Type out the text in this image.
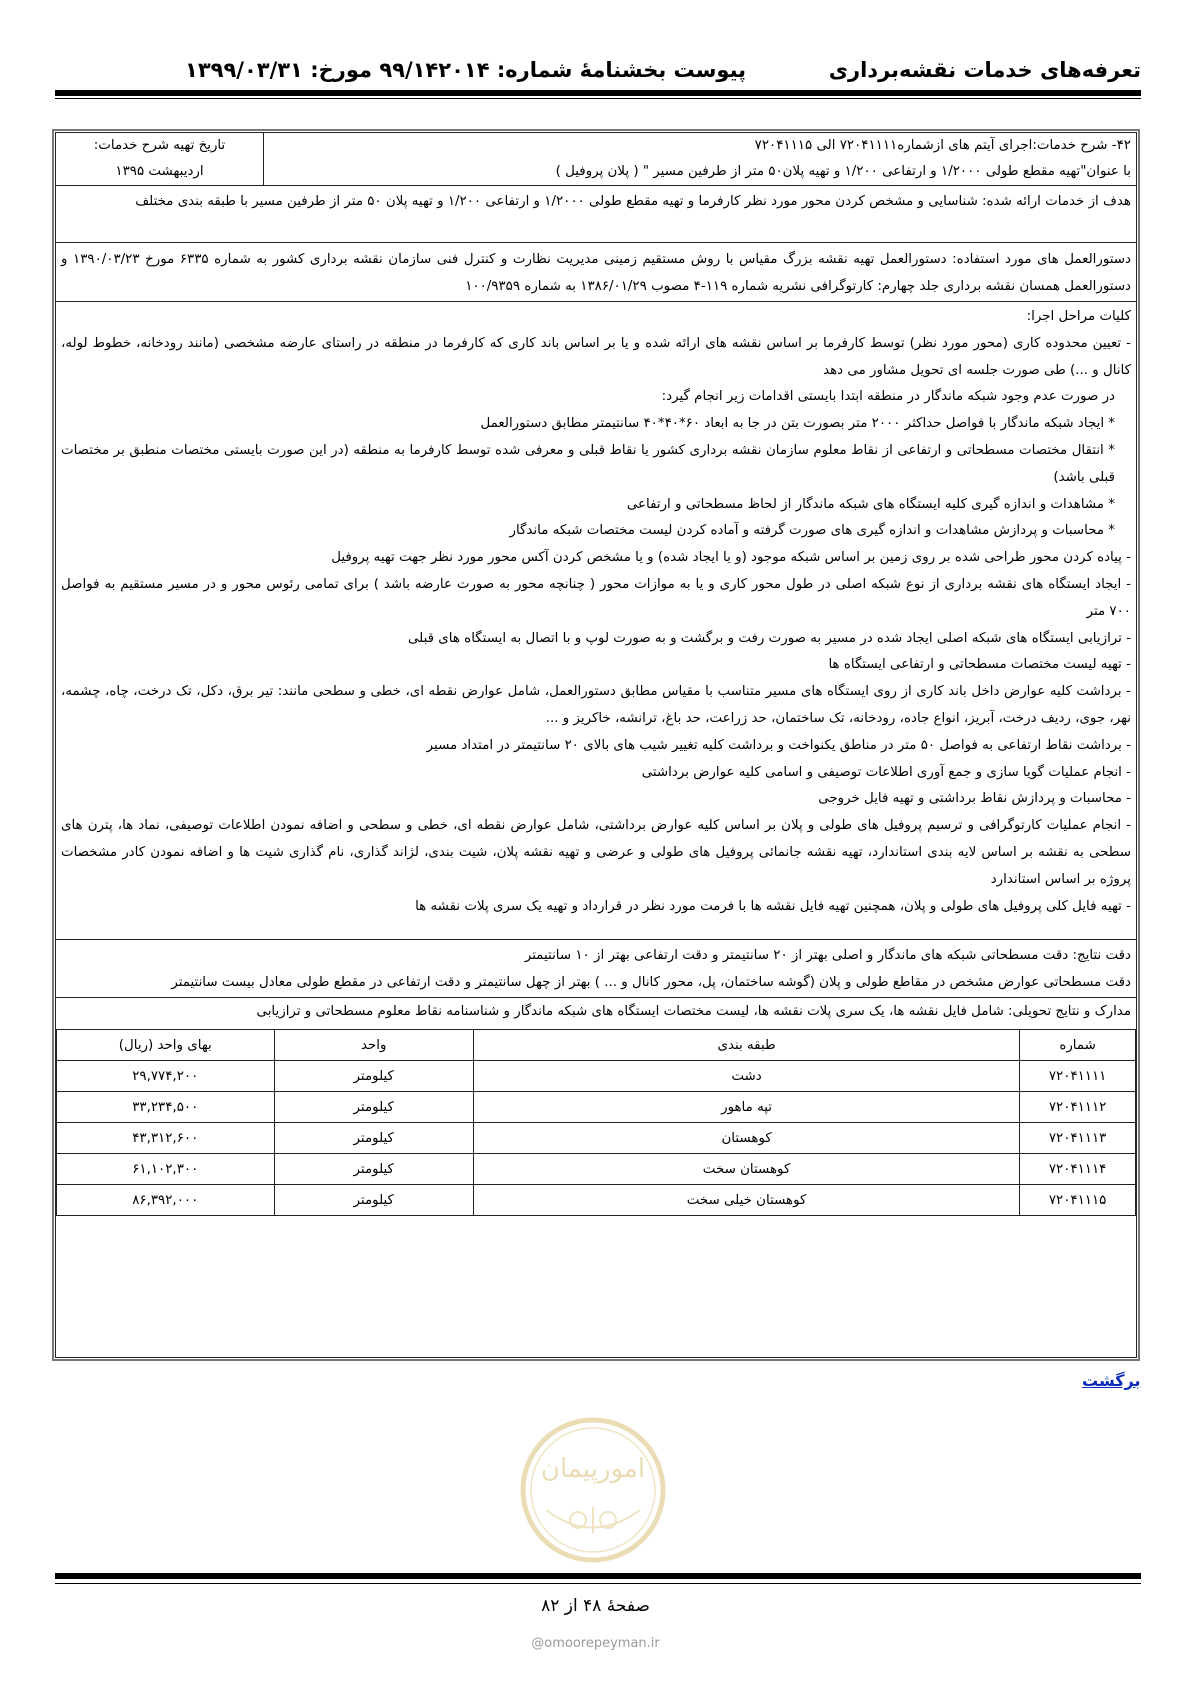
تعرفه‌های خدمات نقشه‌برداری
پیوست بخشنامهٔ شماره: ۹۹/۱۴۲۰۱۴ مورخ: ۱۳۹۹/۰۳/۳۱
۴۲- شرح خدمات:اجرای آیتم های ازشماره۷۲۰۴۱۱۱۱ الی ۷۲۰۴۱۱۱۵
با عنوان"تهیه مقطع طولی ۱/۲۰۰۰ و ارتفاعی ۱/۲۰۰ و تهیه پلان۵۰ متر از طرفین مسیر " ( پلان پروفیل )
تاریخ تهیه شرح خدمات:
اردیبهشت ۱۳۹۵
هدف از خدمات ارائه شده: شناسایی و مشخص کردن محور مورد نظر کارفرما و تهیه مقطع طولی ۱/۲۰۰۰ و ارتفاعی ۱/۲۰۰ و تهیه پلان ۵۰ متر از طرفین مسیر با طبقه بندی مختلف
دستورالعمل های مورد استفاده: دستورالعمل تهیه نقشه بزرگ مقیاس با روش مستقیم زمینی مدیریت نظارت و کنترل فنی سازمان نقشه برداری کشور به شماره ۶۳۳۵ مورخ ۱۳۹۰/۰۳/۲۳ و دستورالعمل همسان نقشه برداری جلد چهارم: کارتوگرافی نشریه شماره ۱۱۹-۴ مصوب ۱۳۸۶/۰۱/۲۹ به شماره ۱۰۰/۹۳۵۹
کلیات مراحل اجرا:
- تعیین محدوده کاری (محور مورد نظر) توسط کارفرما بر اساس نقشه های ارائه شده و یا بر اساس باند کاری که کارفرما در منطقه در راستای عارضه مشخصی (مانند رودخانه، خطوط لوله، کانال و ...) طی صورت جلسه ای تحویل مشاور می دهد
در صورت عدم وجود شبکه ماندگار در منطقه ابتدا بایستی اقدامات زیر انجام گیرد:
* ایجاد شبکه ماندگار با فواصل حداکثر ۲۰۰۰ متر بصورت بتن در جا به ابعاد ۶۰*۴۰*۴۰ سانتیمتر مطابق دستورالعمل
* انتقال مختصات مسطحاتی و ارتفاعی از نقاط معلوم سازمان نقشه برداری کشور یا نقاط قبلی و معرفی شده توسط کارفرما به منطقه (در این صورت بایستی مختصات منطبق بر مختصات قبلی باشد)
* مشاهدات و اندازه گیری کلیه ایستگاه های شبکه ماندگار از لحاظ مسطحاتی و ارتفاعی
* محاسبات و پردازش مشاهدات و اندازه گیری های صورت گرفته و آماده کردن لیست مختصات شبکه ماندگار
- پیاده کردن محور طراحی شده بر روی زمین بر اساس شبکه موجود (و یا ایجاد شده) و یا مشخص کردن آکس محور مورد نظر جهت تهیه پروفیل
- ایجاد ایستگاه های نقشه برداری از نوع شبکه اصلی در طول محور کاری و یا به موازات محور ( چنانچه محور به صورت عارضه باشد ) برای تمامی رئوس محور و در مسیر مستقیم به فواصل ۷۰۰ متر
- ترازیابی ایستگاه های شبکه اصلی ایجاد شده در مسیر به صورت رفت و برگشت و به صورت لوپ و با اتصال به ایستگاه های قبلی
- تهیه لیست مختصات مسطحاتی و ارتفاعی ایستگاه ها
- برداشت کلیه عوارض داخل باند کاری از روی ایستگاه های مسیر متناسب با مقیاس مطابق دستورالعمل، شامل عوارض نقطه ای، خطی و سطحی مانند: تیر برق، دکل، تک درخت، چاه، چشمه، نهر، جوی، ردیف درخت، آبریز، انواع جاده، رودخانه، تک ساختمان، حد زراعت، حد باغ، ترانشه، خاکریز و ...
- برداشت نقاط ارتفاعی به فواصل ۵۰ متر در مناطق یکنواخت و برداشت کلیه تغییر شیب های بالای ۲۰ سانتیمتر در امتداد مسیر
- انجام عملیات گویا سازی و جمع آوری اطلاعات توصیفی و اسامی کلیه عوارض برداشتی
- محاسبات و پردازش نقاط برداشتی و تهیه فایل خروجی
- انجام عملیات کارتوگرافی و ترسیم پروفیل های طولی و پلان بر اساس کلیه عوارض برداشتی، شامل عوارض نقطه ای، خطی و سطحی و اضافه نمودن اطلاعات توصیفی، نماد ها، پترن های سطحی به نقشه بر اساس لایه بندی استاندارد، تهیه نقشه جانمائی پروفیل های طولی و عرضی و تهیه نقشه پلان، شیت بندی، لژاند گذاری، نام گذاری شیت ها و اضافه نمودن کادر مشخصات پروژه بر اساس استاندارد
- تهیه فایل کلی پروفیل های طولی و پلان، همچنین تهیه فایل نقشه ها با فرمت مورد نظر در قرارداد و تهیه یک سری پلات نقشه ها
دقت نتایج: دقت مسطحاتی شبکه های ماندگار و اصلی بهتر از ۲۰ سانتیمتر و دقت ارتفاعی بهتر از ۱۰ سانتیمتر
دقت مسطحاتی عوارض مشخص در مقاطع طولی و پلان (گوشه ساختمان، پل، محور کانال و ... ) بهتر از چهل سانتیمتر و دقت ارتفاعی در مقطع طولی معادل بیست سانتیمتر
مدارک و نتایج تحویلی: شامل فایل نقشه ها، یک سری پلات نقشه ها، لیست مختصات ایستگاه های شبکه ماندگار و شناسنامه نقاط معلوم مسطحاتی و ترازیابی
شماره	طبقه بندی	واحد	بهای واحد (ریال)
۷۲۰۴۱۱۱۱	دشت	کیلومتر	۲۹,۷۷۴,۲۰۰
۷۲۰۴۱۱۱۲	تپه ماهور	کیلومتر	۳۳,۲۳۴,۵۰۰
۷۲۰۴۱۱۱۳	کوهستان	کیلومتر	۴۳,۳۱۲,۶۰۰
۷۲۰۴۱۱۱۴	کوهستان سخت	کیلومتر	۶۱,۱۰۲,۳۰۰
۷۲۰۴۱۱۱۵	کوهستان خیلی سخت	کیلومتر	۸۶,۳۹۲,۰۰۰
برگشت
امورپیمان
صفحهٔ ۴۸ از ۸۲
@omoorepeyman.ir
